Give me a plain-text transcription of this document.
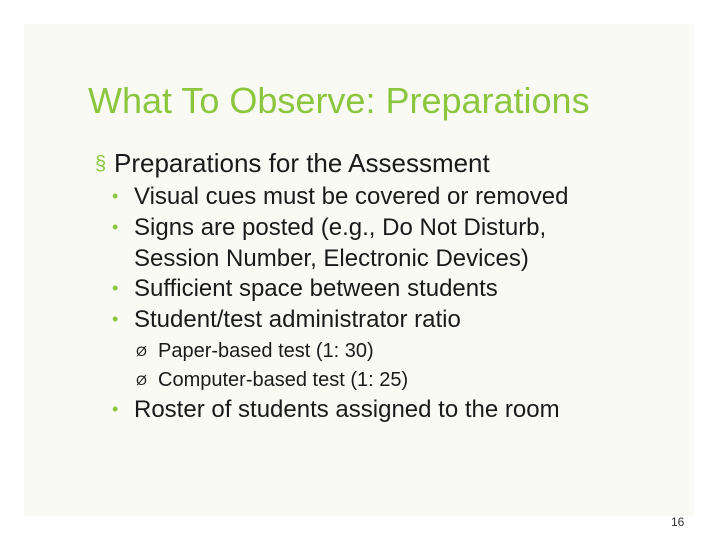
What To Observe: Preparations
§ Preparations for the Assessment
• Visual cues must be covered or removed
• Signs are posted (e.g., Do Not Disturb,
Session Number, Electronic Devices)
• Sufficient space between students
• Student/test administrator ratio
Ø Paper-based test (1: 30)
Ø Computer-based test (1: 25)
• Roster of students assigned to the room
16
